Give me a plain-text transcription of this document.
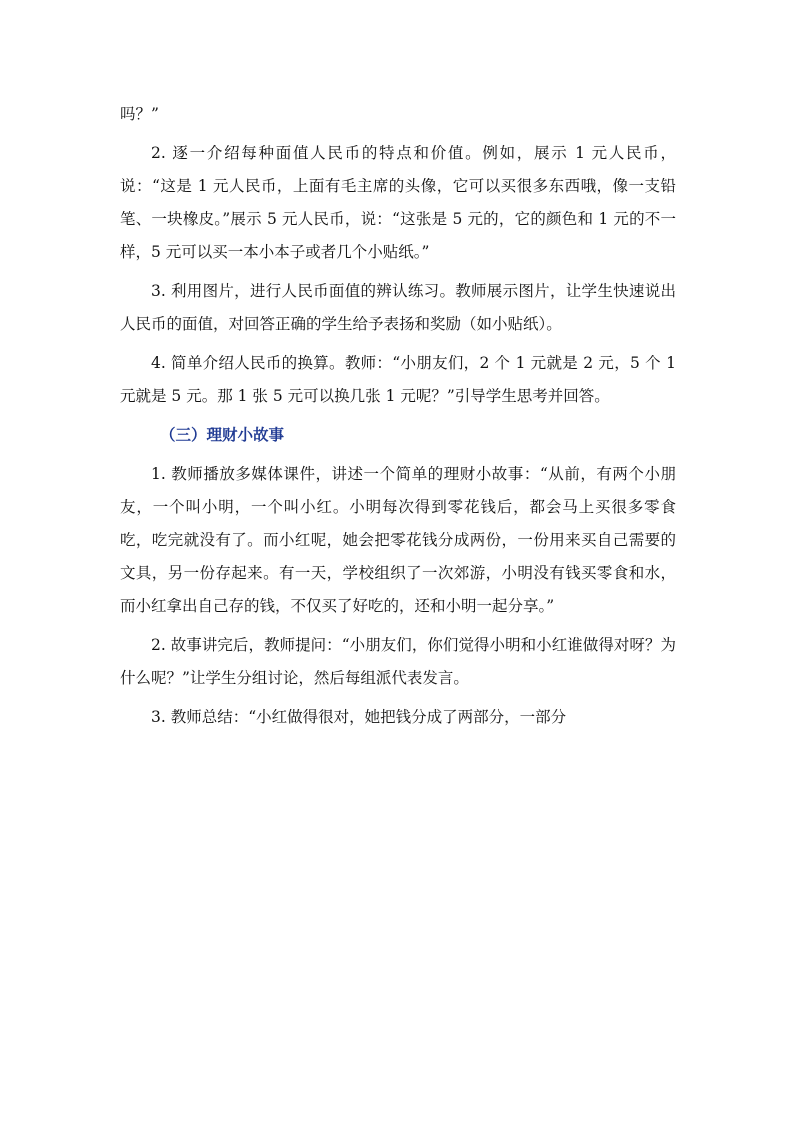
吗？”

2. 逐一介绍每种面值人民币的特点和价值。例如，展示 1 元人民币，说：“这是 1 元人民币，上面有毛主席的头像，它可以买很多东西哦，像一支铅笔、一块橡皮。”展示 5 元人民币，说：“这张是 5 元的，它的颜色和 1 元的不一样，5 元可以买一本小本子或者几个小贴纸。”

3. 利用图片，进行人民币面值的辨认练习。教师展示图片，让学生快速说出人民币的面值，对回答正确的学生给予表扬和奖励（如小贴纸）。

4. 简单介绍人民币的换算。教师：“小朋友们，2 个 1 元就是 2 元，5 个 1 元就是 5 元。那 1 张 5 元可以换几张 1 元呢？”引导学生思考并回答。

（三）理财小故事

1. 教师播放多媒体课件，讲述一个简单的理财小故事：“从前，有两个小朋友，一个叫小明，一个叫小红。小明每次得到零花钱后，都会马上买很多零食吃，吃完就没有了。而小红呢，她会把零花钱分成两份，一份用来买自己需要的文具，另一份存起来。有一天，学校组织了一次郊游，小明没有钱买零食和水，而小红拿出自己存的钱，不仅买了好吃的，还和小明一起分享。”

2. 故事讲完后，教师提问：“小朋友们，你们觉得小明和小红谁做得对呀？为什么呢？”让学生分组讨论，然后每组派代表发言。

3. 教师总结：“小红做得很对，她把钱分成了两部分，一部分
